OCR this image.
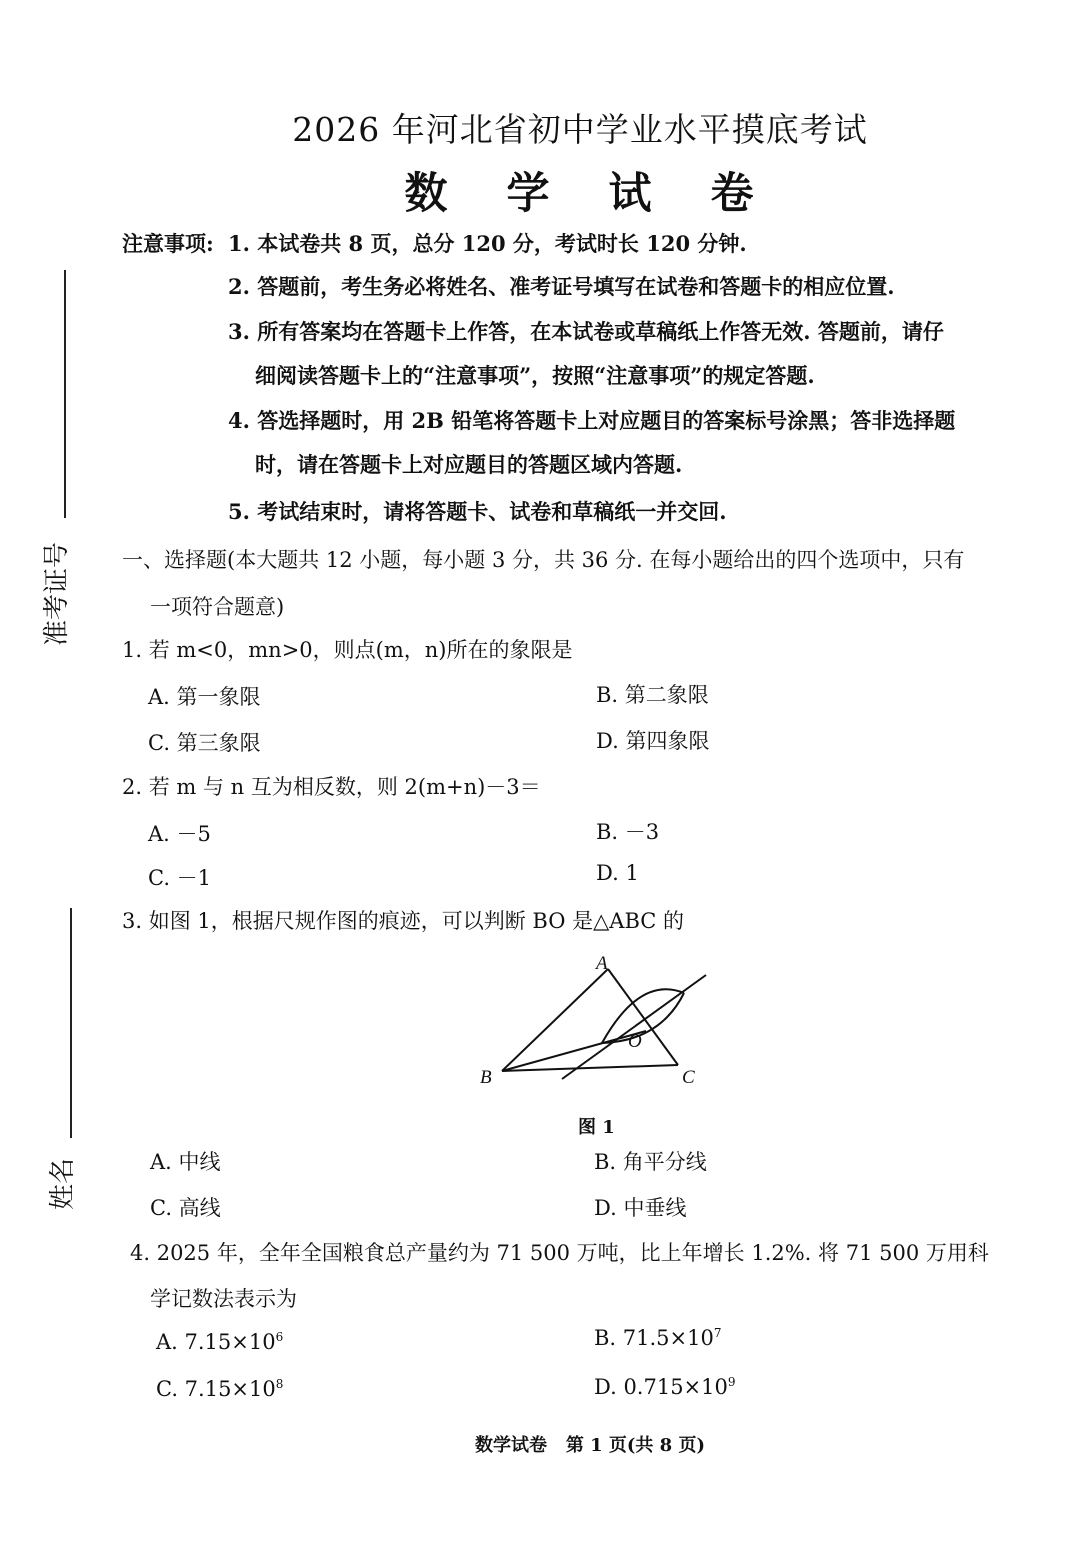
2026 年河北省初中学业水平摸底考试
数 学 试 卷
准考证号
姓名
注意事项: 1. 本试卷共 8 页，总分 120 分，考试时长 120 分钟.
2. 答题前，考生务必将姓名、准考证号填写在试卷和答题卡的相应位置.
3. 所有答案均在答题卡上作答，在本试卷或草稿纸上作答无效. 答题前，请仔
细阅读答题卡上的“注意事项”，按照“注意事项”的规定答题.
4. 答选择题时，用 2B 铅笔将答题卡上对应题目的答案标号涂黑；答非选择题
时，请在答题卡上对应题目的答题区域内答题.
5. 考试结束时，请将答题卡、试卷和草稿纸一并交回.
一、选择题(本大题共 12 小题，每小题 3 分，共 36 分. 在每小题给出的四个选项中，只有
一项符合题意)
1. 若 m<0，mn>0，则点(m，n)所在的象限是
A. 第一象限	B. 第二象限
C. 第三象限	D. 第四象限
2. 若 m 与 n 互为相反数，则 2(m+n)－3＝
A. －5	B. －3
C. －1	D. 1
3. 如图 1，根据尺规作图的痕迹，可以判断 BO 是△ABC 的
A
B	C
O
图 1
A. 中线	B. 角平分线
C. 高线	D. 中垂线
4. 2025 年，全年全国粮食总产量约为 71 500 万吨，比上年增长 1.2%. 将 71 500 万用科
学记数法表示为
A. $7.15\times 10^6$	B. $71.5\times 10^7$
C. $7.15\times 10^8$	D. $0.715\times 10^9$
数学试卷   第 1 页(共 8 页)
